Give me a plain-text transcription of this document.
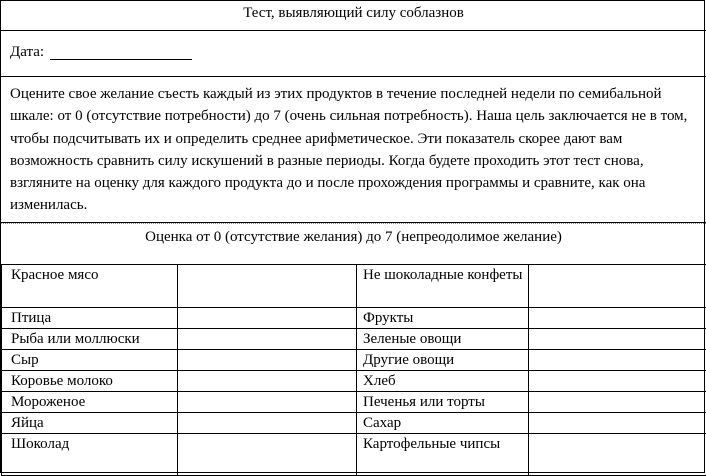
Тест, выявляющий силу соблазнов
Дата:
Оцените свое желание съесть каждый из этих продуктов в течение последней недели по семибальной шкале: от 0 (отсутствие потребности) до 7 (очень сильная потребность). Наша цель заключается не в том, чтобы подсчитывать их и определить среднее арифметическое. Эти показатель скорее дают вам возможность сравнить силу искушений в разные периоды. Когда будете проходить этот тест снова, взгляните на оценку для каждого продукта до и после прохождения программы и сравните, как она изменилась.
Оценка от 0 (отсутствие желания) до 7 (непреодолимое желание)
Красное мясо		Не шоколадные конфеты	
Птица		Фрукты	
Рыба или моллюски		Зеленые овощи	
Сыр		Другие овощи	
Коровье молоко		Хлеб	
Мороженое		Печенья или торты	
Яйца		Сахар	
Шоколад		Картофельные чипсы	
